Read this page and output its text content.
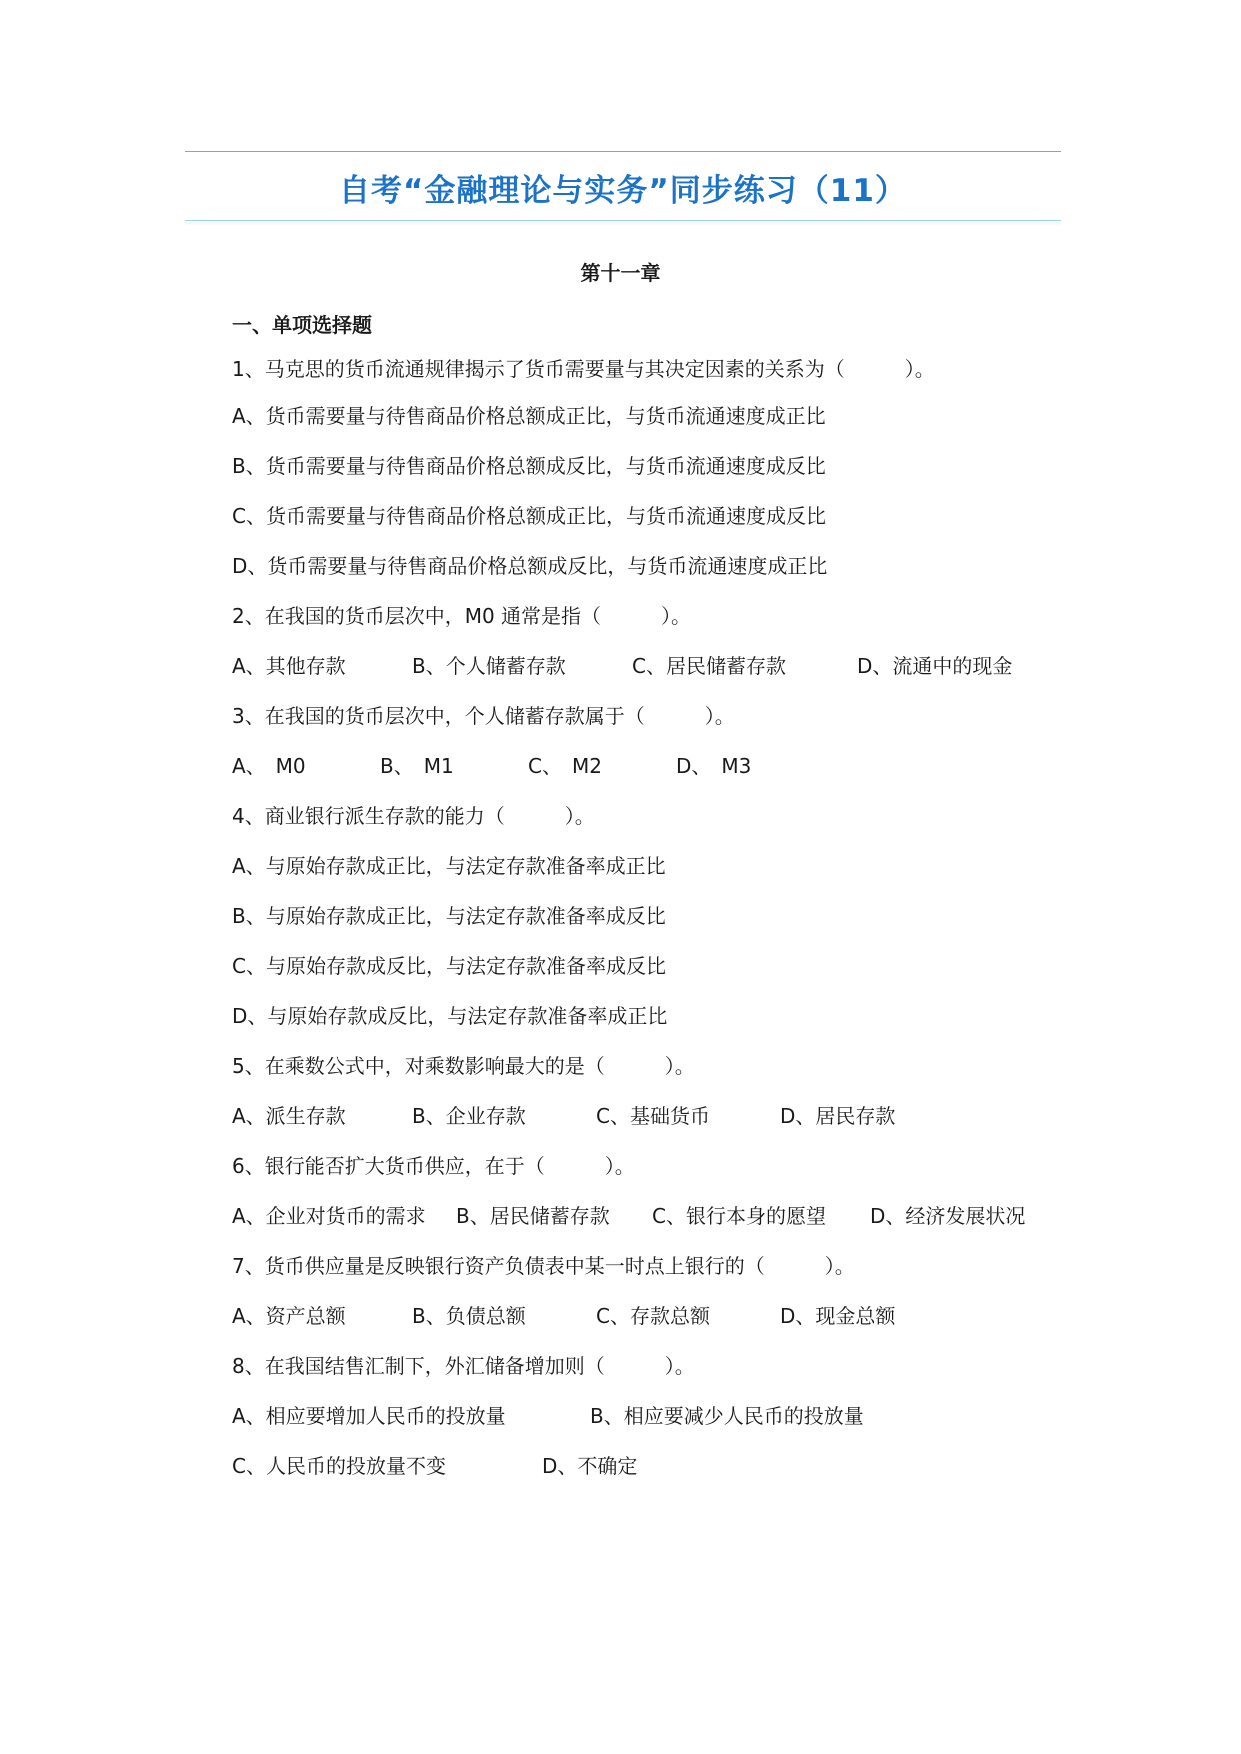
自考“金融理论与实务”同步练习（11）
第十一章
一、单项选择题
1、马克思的货币流通规律揭示了货币需要量与其决定因素的关系为（　　　）。
A、货币需要量与待售商品价格总额成正比，与货币流通速度成正比
B、货币需要量与待售商品价格总额成反比，与货币流通速度成反比
C、货币需要量与待售商品价格总额成正比，与货币流通速度成反比
D、货币需要量与待售商品价格总额成反比，与货币流通速度成正比
2、在我国的货币层次中，M0 通常是指（　　　）。
A、其他存款	B、个人储蓄存款	C、居民储蓄存款	D、流通中的现金
3、在我国的货币层次中，个人储蓄存款属于（　　　）。
A、　M0	B、　M1	C、　M2	D、　M3
4、商业银行派生存款的能力（　　　）。
A、与原始存款成正比，与法定存款准备率成正比
B、与原始存款成正比，与法定存款准备率成反比
C、与原始存款成反比，与法定存款准备率成反比
D、与原始存款成反比，与法定存款准备率成正比
5、在乘数公式中，对乘数影响最大的是（　　　）。
A、派生存款	B、企业存款	C、基础货币	D、居民存款
6、银行能否扩大货币供应，在于（　　　）。
A、企业对货币的需求 B、居民储蓄存款 C、银行本身的愿望 D、经济发展状况
7、货币供应量是反映银行资产负债表中某一时点上银行的（　　　）。
A、资产总额	B、负债总额	C、存款总额	D、现金总额
8、在我国结售汇制下，外汇储备增加则（　　　）。
A、相应要增加人民币的投放量	B、相应要减少人民币的投放量
C、人民币的投放量不变	D、不确定
